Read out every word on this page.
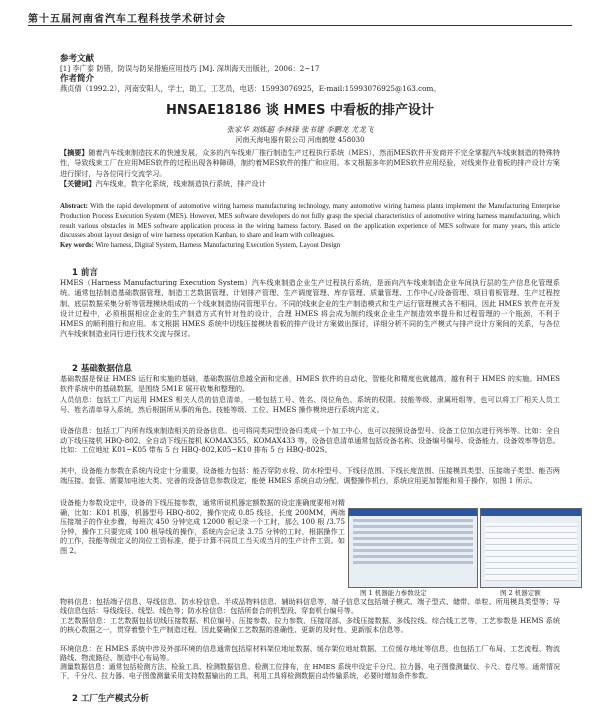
第十五届河南省汽车工程科技学术研讨会
参考文献
[1] 李广泰 防错，防误与防呆措施应用技巧 [M]. 深圳海天出版社，2006：2~17
作者简介
燕贞倩（1992.2），河南安阳人，学士，助工，工艺员，电话：15993076925，E-mail:15993076925@163.com。
HNSAE18186 谈 HMES 中看板的排产设计
张家华 刘炼超 李林锋 张书建 李鹏龙 尤龙飞
河南天海电器有限公司 河南鹤壁 458030
【摘要】随着汽车线束制造技术的快速发展，众多的汽车线束厂推行制造生产过程执行系统（MES），然而MES软件开发商并不完全掌握汽车线束制造的特殊特性，导致线束工厂在应用MES软件的过程出现各种障碍，制约着MES软件的推广和应用。本文根据多年的MES软件应用经验，对线束作业看板的排产设计方案进行探讨，与各位同行交流学习。
【关键词】汽车线束，数字化系统，线束制造执行系统，排产设计
Abstract: With the rapid development of automotive wiring harness manufacturing technology, many automotive wiring harness plants implement the Manufacturing Enterprise Production Process Execution System (MES). However, MES software developers do not fully grasp the special characteristics of automotive wiring harness manufacturing, which result various obstacles in MES software application process in the wiring harness factory. Based on the application experience of MES software for many years, this article discusses about layout design of wire harness operation Kanban, to share and learn with colleagues.
Key words: Wire harness, Digital System, Harness Manufacturing Execution System, Layout Design
1 前言
HMES（Harness Manufacturing Execution System）汽车线束制造企业生产过程执行系统，是面向汽车线束制造企业车间执行层的生产信息化管理系统。通常包括制造基础数据管理、制造工艺数据管理、计划排产管理、生产调度管理、库存管理、质量管理、工作中心/设备管理、项目看板管理、生产过程控制、底层数据采集分析等管理模块组成的一个线束制造协同管理平台。不同的线束企业的生产制造模式和生产运行管理模式各不相同，因此 HMES 软件在开发设计过程中，必须根据相应企业的生产制造方式有针对性的设计，合理 HMES 将会成为制约线束企业生产制造效率提升和过程管理的一个瓶颈，不利于 HMES 的顺利推行和应用。本文根据 HMES 系统中切线压接模块看板的排产设计方案做出探讨，详细分析不同的生产模式与排产设计方案间的关系，与各位汽车线束制造业同行进行技术交流与探讨。
2 基础数据信息
基础数据是保证 HMES 运行和实施的基础，基础数据信息越全面和完善，HMES 软件的自动化、智能化和精度也就越高，越有利于 HMES 的实施。HMES 软件系统中的基础数据，是围绕 5M1E 展开收集和整理的。
人员信息：包括工厂内运用 HMES 相关人员的信息清单，一般包括工号、姓名、岗位角色、系统的权限、技能等级、隶属班组等，也可以将工厂相关人员工号、姓名清单导入系统，然后根据所从事的角色、技能等级、工位、HMES 操作模块进行系统内定义。
设备信息：包括工厂内所有线束制造相关的设备信息。也可将同类同型设备归类成一个加工中心，也可以按照设备型号、设备工位加点进行列举等。比如：全自动下线压接机 HBQ-802、全自动下线压接机 KOMAX355、KOMAX433 等。设备信息清单通常包括设备名称、设备编号编号、设备能力、设备效率等信息。比如：工位地址 K01~K05 带布 5 台 HBQ-802,K05~K10 排布 5 台 HBQ-802S。
其中，设备能力参数在系统内设定十分重要，设备能力包括：能否穿防水栓、防水栓型号、下线径范围、下线长度范围、压接模具类型、压接端子类型、能否两端压接、套管、需要加电池大类、完善的设备信息参数设定，能使 HMES 系统自动分配、调整操作机台，系统应用更加智能和易于操作，如图 1 所示。
设备能力参数设定中，设备的下线压接参数，通常所说机器定额数据的设定准确度要相对精确，比如：K01 机器，机器型号 HBQ-802，操作完成 0.85 线径，长度 200MM，两端压接端子的作业步骤，每班次 450 分钟完成 12000 根记录一个工时，那么 100 根 /3.75 分钟，操作工只要完成 100 根导线的操作，系统内会记录 3.75 分钟的工时，根据操作工的工作，技能等级定义的岗位工资标准，便于计算不同员工当天或当月的生产计件工资。如图 2。
图 1 机器能力参数设定	图 2 机器定额
物料信息：包括端子信息、导线信息、防水栓信息、半成品物料信息、辅助料信息等，端子信息又包括端子模式、端子型式、储带、单粒、所用模具类型等；导线信息包括：导线线径、线型、线色等；防水栓信息：包括所套合的机型段、穿套机台编号等。
工艺数据信息：工艺数据包括切线压接数据、机位编号、压接参数、拉力参数、压接尾部、多线压接数据、多线拉线、综合线工艺等，工艺参数是 HEMS 系统的核心数据之一，贯穿着整个生产制造过程，因此要确保工艺数据的准确性、更新的及时性、更新版本信息等。
环境信息：在 HMES 系统中涉及外部环境的信息通常包括原材料架位地址数据、缓存架位地址数据、工位缓存地址等信息，也包括工厂布局、工艺流程、物流路线、物流路径、制造中心布局等。
测量数据信息：通常包括检测方法、检验工具、检测数据信息、检测工位排布，在 HMES 系统中设定千分尺、拉力器、电子图像测量仪、卡尺、卷尺等。通常情况下，千分尺、拉力器、电子图像测量采用支持数据输出的工具，利用工具将检测数据自动传输系统，必要时增加条件参数。
2 工厂生产模式分析
